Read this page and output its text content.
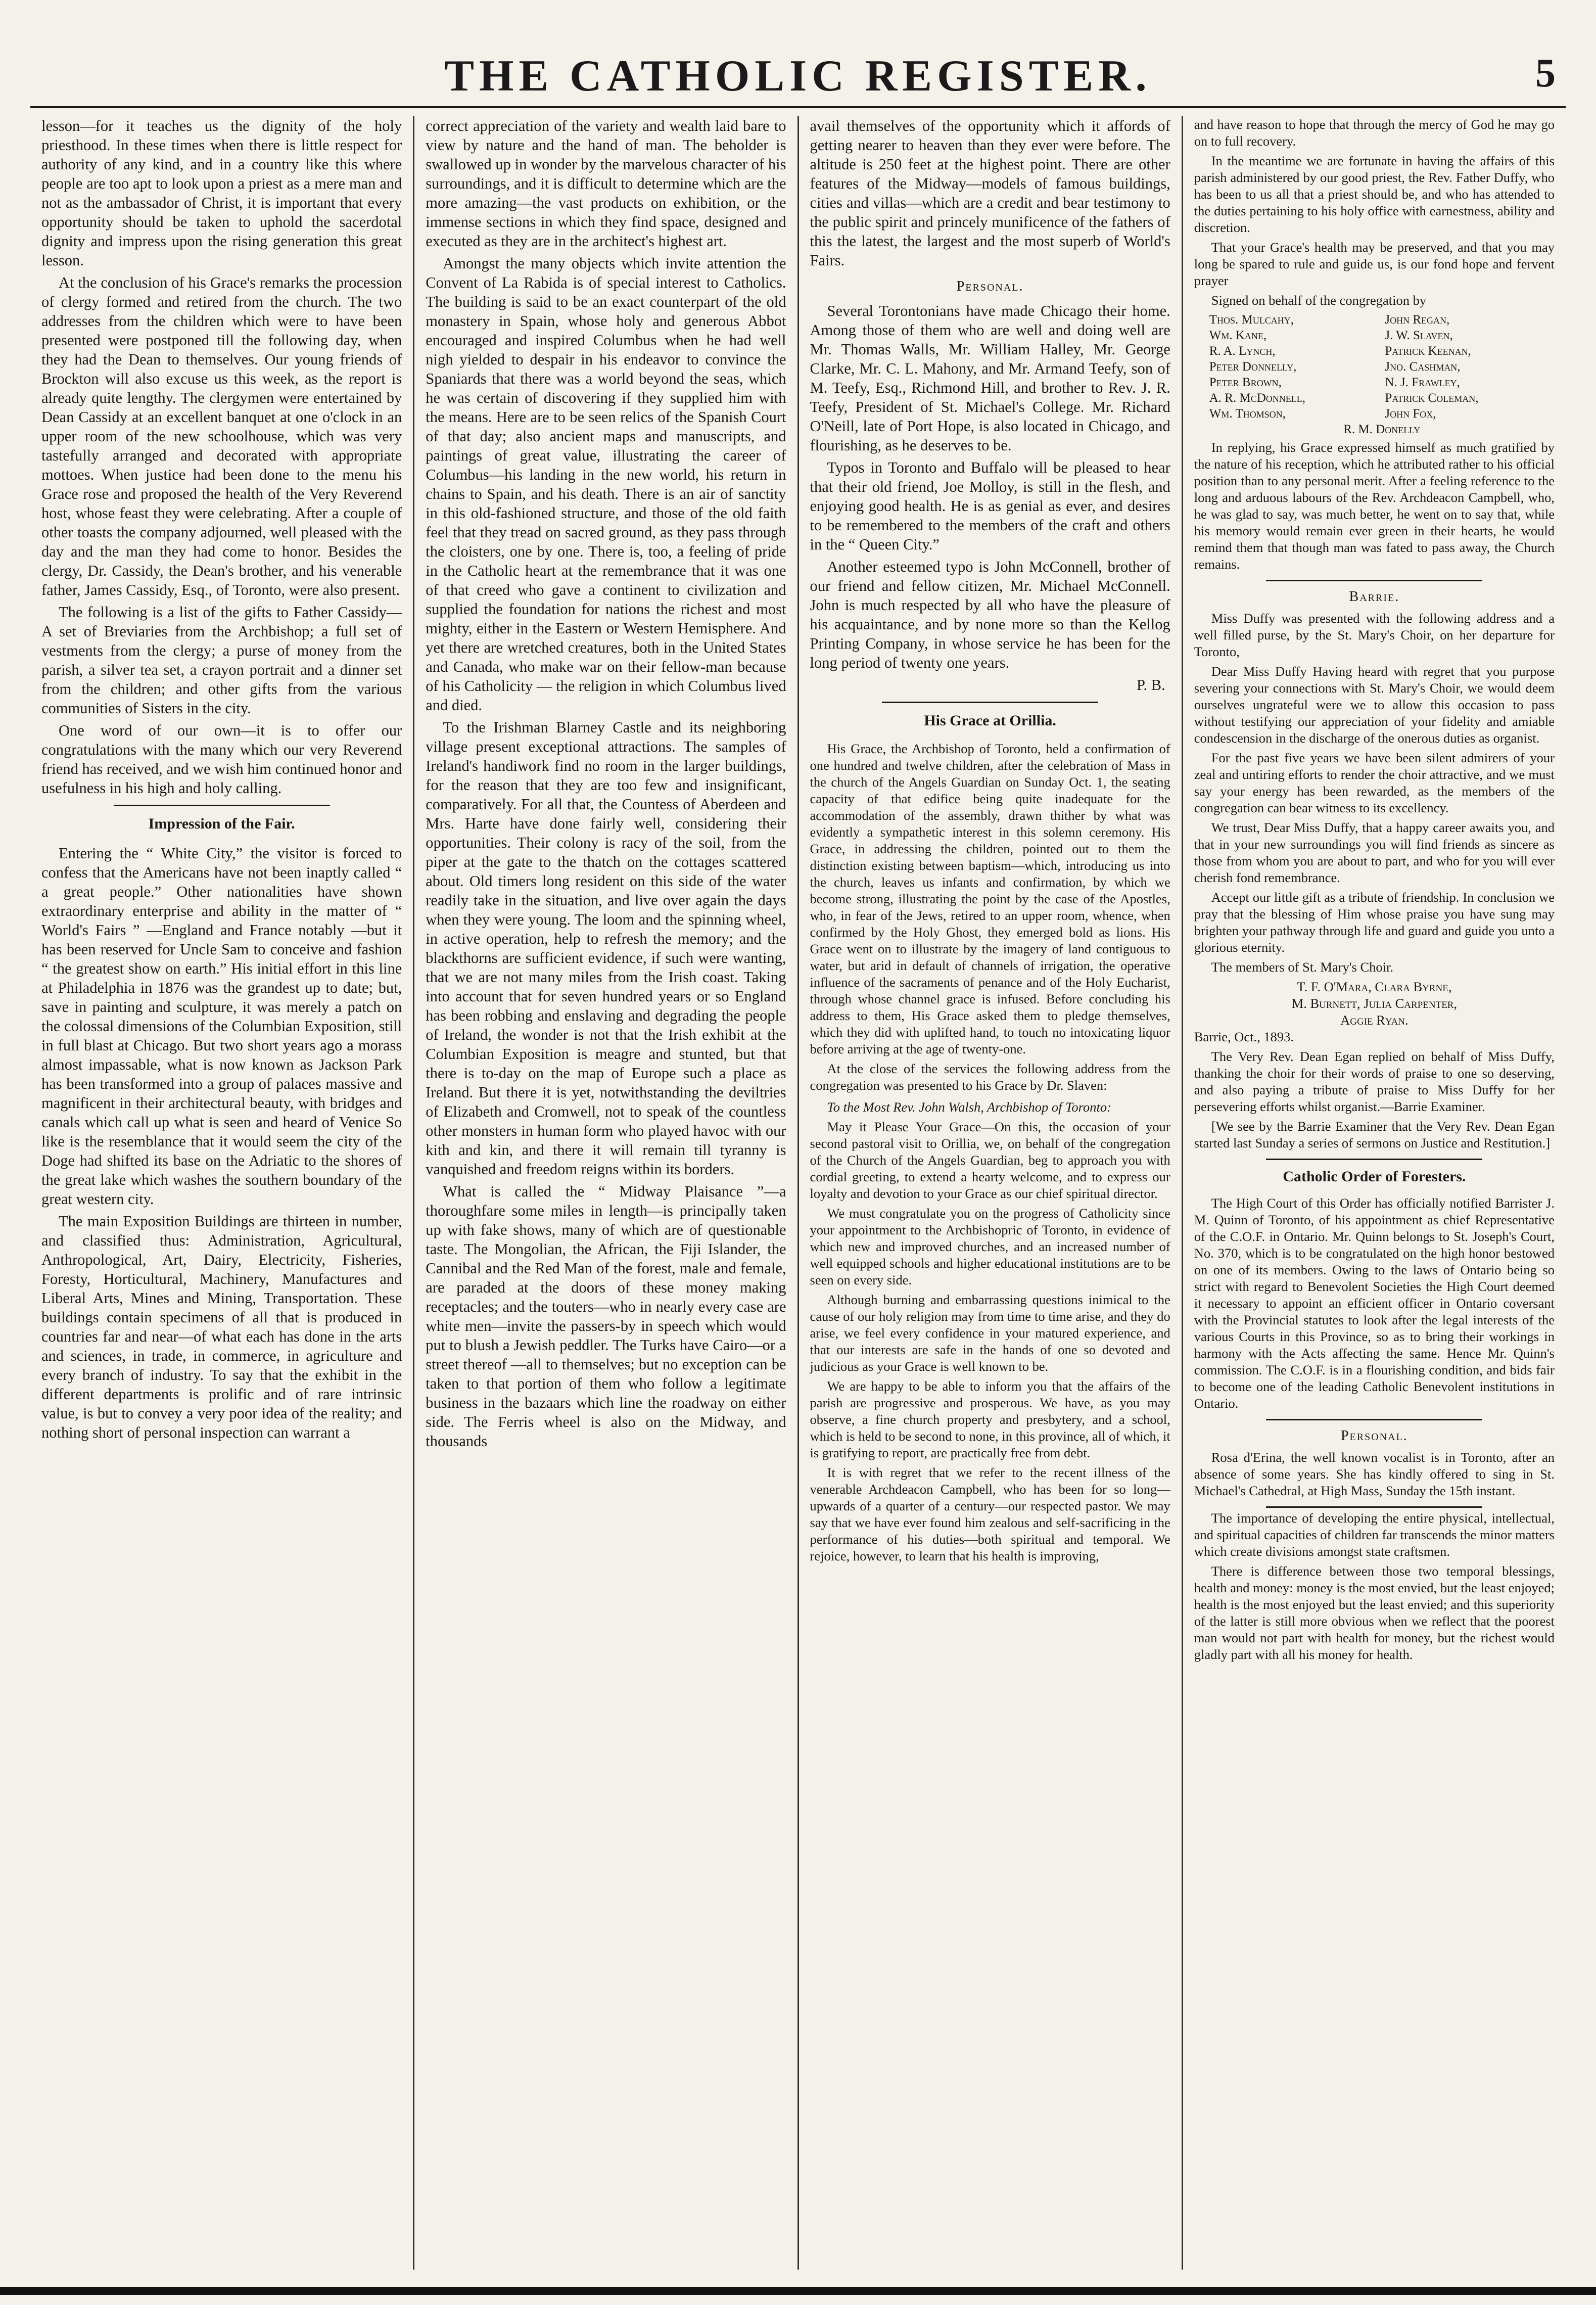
THE CATHOLIC REGISTER.	5

lesson—for it teaches us the dignity of the holy priesthood. In these times when there is little respect for authority of any kind, and in a country like this where people are too apt to look upon a priest as a mere man and not as the ambassador of Christ, it is important that every opportunity should be taken to uphold the sacerdotal dignity and impress upon the rising generation this great lesson.

At the conclusion of his Grace's remarks the procession of clergy formed and retired from the church. The two addresses from the children which were to have been presented were postponed till the following day, when they had the Dean to themselves. Our young friends of Brockton will also excuse us this week, as the report is already quite lengthy. The clergymen were entertained by Dean Cassidy at an excellent banquet at one o'clock in an upper room of the new schoolhouse, which was very tastefully arranged and decorated with appropriate mottoes. When justice had been done to the menu his Grace rose and proposed the health of the Very Reverend host, whose feast they were celebrating. After a couple of other toasts the company adjourned, well pleased with the day and the man they had come to honor. Besides the clergy, Dr. Cassidy, the Dean's brother, and his venerable father, James Cassidy, Esq., of Toronto, were also present.

The following is a list of the gifts to Father Cassidy—A set of Breviaries from the Archbishop; a full set of vestments from the clergy; a purse of money from the parish, a silver tea set, a crayon portrait and a dinner set from the children; and other gifts from the various communities of Sisters in the city.

One word of our own—it is to offer our congratulations with the many which our very Reverend friend has received, and we wish him continued honor and usefulness in his high and holy calling.

Impression of the Fair.

Entering the “ White City,” the visitor is forced to confess that the Americans have not been inaptly called “ a great people.” Other nationalities have shown extraordinary enterprise and ability in the matter of “ World's Fairs ” —England and France notably —but it has been reserved for Uncle Sam to conceive and fashion “ the greatest show on earth.” His initial effort in this line at Philadelphia in 1876 was the grandest up to date; but, save in painting and sculpture, it was merely a patch on the colossal dimensions of the Columbian Exposition, still in full blast at Chicago. But two short years ago a morass almost impassable, what is now known as Jackson Park has been transformed into a group of palaces massive and magnificent in their architectural beauty, with bridges and canals which call up what is seen and heard of Venice So like is the resemblance that it would seem the city of the Doge had shifted its base on the Adriatic to the shores of the great lake which washes the southern boundary of the great western city.

The main Exposition Buildings are thirteen in number, and classified thus: Administration, Agricultural, Anthropological, Art, Dairy, Electricity, Fisheries, Foresty, Horticultural, Machinery, Manufactures and Liberal Arts, Mines and Mining, Transportation. These buildings contain specimens of all that is produced in countries far and near—of what each has done in the arts and sciences, in trade, in commerce, in agriculture and every branch of industry. To say that the exhibit in the different departments is prolific and of rare intrinsic value, is but to convey a very poor idea of the reality; and nothing short of personal inspection can warrant a

correct appreciation of the variety and wealth laid bare to view by nature and the hand of man. The beholder is swallowed up in wonder by the marvelous character of his surroundings, and it is difficult to determine which are the more amazing—the vast products on exhibition, or the immense sections in which they find space, designed and executed as they are in the architect's highest art.

Amongst the many objects which invite attention the Convent of La Rabida is of special interest to Catholics. The building is said to be an exact counterpart of the old monastery in Spain, whose holy and generous Abbot encouraged and inspired Columbus when he had well nigh yielded to despair in his endeavor to convince the Spaniards that there was a world beyond the seas, which he was certain of discovering if they supplied him with the means. Here are to be seen relics of the Spanish Court of that day; also ancient maps and manuscripts, and paintings of great value, illustrating the career of Columbus—his landing in the new world, his return in chains to Spain, and his death. There is an air of sanctity in this old-fashioned structure, and those of the old faith feel that they tread on sacred ground, as they pass through the cloisters, one by one. There is, too, a feeling of pride in the Catholic heart at the remembrance that it was one of that creed who gave a continent to civilization and supplied the foundation for nations the richest and most mighty, either in the Eastern or Western Hemisphere. And yet there are wretched creatures, both in the United States and Canada, who make war on their fellow-man because of his Catholicity — the religion in which Columbus lived and died.

To the Irishman Blarney Castle and its neighboring village present exceptional attractions. The samples of Ireland's handiwork find no room in the larger buildings, for the reason that they are too few and insignificant, comparatively. For all that, the Countess of Aberdeen and Mrs. Harte have done fairly well, considering their opportunities. Their colony is racy of the soil, from the piper at the gate to the thatch on the cottages scattered about. Old timers long resident on this side of the water readily take in the situation, and live over again the days when they were young. The loom and the spinning wheel, in active operation, help to refresh the memory; and the blackthorns are sufficient evidence, if such were wanting, that we are not many miles from the Irish coast. Taking into account that for seven hundred years or so England has been robbing and enslaving and degrading the people of Ireland, the wonder is not that the Irish exhibit at the Columbian Exposition is meagre and stunted, but that there is to-day on the map of Europe such a place as Ireland. But there it is yet, notwithstanding the deviltries of Elizabeth and Cromwell, not to speak of the countless other monsters in human form who played havoc with our kith and kin, and there it will remain till tyranny is vanquished and freedom reigns within its borders.

What is called the “ Midway Plaisance ”—a thoroughfare some miles in length—is principally taken up with fake shows, many of which are of questionable taste. The Mongolian, the African, the Fiji Islander, the Cannibal and the Red Man of the forest, male and female, are paraded at the doors of these money making receptacles; and the touters—who in nearly every case are white men—invite the passers-by in speech which would put to blush a Jewish peddler. The Turks have Cairo—or a street thereof —all to themselves; but no exception can be taken to that portion of them who follow a legitimate business in the bazaars which line the roadway on either side. The Ferris wheel is also on the Midway, and thousands

avail themselves of the opportunity which it affords of getting nearer to heaven than they ever were before. The altitude is 250 feet at the highest point. There are other features of the Midway—models of famous buildings, cities and villas—which are a credit and bear testimony to the public spirit and princely munificence of the fathers of this the latest, the largest and the most superb of World's Fairs.

Personal.

Several Torontonians have made Chicago their home. Among those of them who are well and doing well are Mr. Thomas Walls, Mr. William Halley, Mr. George Clarke, Mr. C. L. Mahony, and Mr. Armand Teefy, son of M. Teefy, Esq., Richmond Hill, and brother to Rev. J. R. Teefy, President of St. Michael's College. Mr. Richard O'Neill, late of Port Hope, is also located in Chicago, and flourishing, as he deserves to be.

Typos in Toronto and Buffalo will be pleased to hear that their old friend, Joe Molloy, is still in the flesh, and enjoying good health. He is as genial as ever, and desires to be remembered to the members of the craft and others in the “ Queen City.”

Another esteemed typo is John McConnell, brother of our friend and fellow citizen, Mr. Michael McConnell. John is much respected by all who have the pleasure of his acquaintance, and by none more so than the Kellog Printing Company, in whose service he has been for the long period of twenty one years.

P. B.
His Grace at Orillia.

His Grace, the Archbishop of Toronto, held a confirmation of one hundred and twelve children, after the celebration of Mass in the church of the Angels Guardian on Sunday Oct. 1, the seating capacity of that edifice being quite inadequate for the accommodation of the assembly, drawn thither by what was evidently a sympathetic interest in this solemn ceremony. His Grace, in addressing the children, pointed out to them the distinction existing between baptism—which, introducing us into the church, leaves us infants and confirmation, by which we become strong, illustrating the point by the case of the Apostles, who, in fear of the Jews, retired to an upper room, whence, when confirmed by the Holy Ghost, they emerged bold as lions. His Grace went on to illustrate by the imagery of land contiguous to water, but arid in default of channels of irrigation, the operative influence of the sacraments of penance and of the Holy Eucharist, through whose channel grace is infused. Before concluding his address to them, His Grace asked them to pledge themselves, which they did with uplifted hand, to touch no intoxicating liquor before arriving at the age of twenty-one.

At the close of the services the following address from the congregation was presented to his Grace by Dr. Slaven:

To the Most Rev. John Walsh, Archbishop of Toronto:

May it Please Your Grace—On this, the occasion of your second pastoral visit to Orillia, we, on behalf of the congregation of the Church of the Angels Guardian, beg to approach you with cordial greeting, to extend a hearty welcome, and to express our loyalty and devotion to your Grace as our chief spiritual director.

We must congratulate you on the progress of Catholicity since your appointment to the Archbishopric of Toronto, in evidence of which new and improved churches, and an increased number of well equipped schools and higher educational institutions are to be seen on every side.

Although burning and embarrassing questions inimical to the cause of our holy religion may from time to time arise, and they do arise, we feel every confidence in your matured experience, and that our interests are safe in the hands of one so devoted and judicious as your Grace is well known to be.

We are happy to be able to inform you that the affairs of the parish are progressive and prosperous. We have, as you may observe, a fine church property and presbytery, and a school, which is held to be second to none, in this province, all of which, it is gratifying to report, are practically free from debt.

It is with regret that we refer to the recent illness of the venerable Archdeacon Campbell, who has been for so long—upwards of a quarter of a century—our respected pastor. We may say that we have ever found him zealous and self-sacrificing in the performance of his duties—both spiritual and temporal. We rejoice, however, to learn that his health is improving,

and have reason to hope that through the mercy of God he may go on to full recovery.

In the meantime we are fortunate in having the affairs of this parish administered by our good priest, the Rev. Father Duffy, who has been to us all that a priest should be, and who has attended to the duties pertaining to his holy office with earnestness, ability and discretion.

That your Grace's health may be preserved, and that you may long be spared to rule and guide us, is our fond hope and fervent prayer

Signed on behalf of the congregation by

Thos. Mulcahy,	John Regan,
Wm. Kane,	J. W. Slaven,
R. A. Lynch,	Patrick Keenan,
Peter Donnelly,	Jno. Cashman,
Peter Brown,	N. J. Frawley,
A. R. McDonnell,	Patrick Coleman,
Wm. Thomson,	John Fox,
R. M. Donelly

In replying, his Grace expressed himself as much gratified by the nature of his reception, which he attributed rather to his official position than to any personal merit. After a feeling reference to the long and arduous labours of the Rev. Archdeacon Campbell, who, he was glad to say, was much better, he went on to say that, while his memory would remain ever green in their hearts, he would remind them that though man was fated to pass away, the Church remains.

Barrie.

Miss Duffy was presented with the following address and a well filled purse, by the St. Mary's Choir, on her departure for Toronto,

Dear Miss Duffy Having heard with regret that you purpose severing your connections with St. Mary's Choir, we would deem ourselves ungrateful were we to allow this occasion to pass without testifying our appreciation of your fidelity and amiable condescension in the discharge of the onerous duties as organist.

For the past five years we have been silent admirers of your zeal and untiring efforts to render the choir attractive, and we must say your energy has been rewarded, as the members of the congregation can bear witness to its excellency.

We trust, Dear Miss Duffy, that a happy career awaits you, and that in your new surroundings you will find friends as sincere as those from whom you are about to part, and who for you will ever cherish fond remembrance.

Accept our little gift as a tribute of friendship. In conclusion we pray that the blessing of Him whose praise you have sung may brighten your pathway through life and guard and guide you unto a glorious eternity.

The members of St. Mary's Choir.

T. F. O'Mara, Clara Byrne,
M. Burnett, Julia Carpenter,
Aggie Ryan.

Barrie, Oct., 1893.

The Very Rev. Dean Egan replied on behalf of Miss Duffy, thanking the choir for their words of praise to one so deserving, and also paying a tribute of praise to Miss Duffy for her persevering efforts whilst organist.—Barrie Examiner.

[We see by the Barrie Examiner that the Very Rev. Dean Egan started last Sunday a series of sermons on Justice and Restitution.]

Catholic Order of Foresters.

The High Court of this Order has officially notified Barrister J. M. Quinn of Toronto, of his appointment as chief Representative of the C.O.F. in Ontario. Mr. Quinn belongs to St. Joseph's Court, No. 370, which is to be congratulated on the high honor bestowed on one of its members. Owing to the laws of Ontario being so strict with regard to Benevolent Societies the High Court deemed it necessary to appoint an efficient officer in Ontario coversant with the Provincial statutes to look after the legal interests of the various Courts in this Province, so as to bring their workings in harmony with the Acts affecting the same. Hence Mr. Quinn's commission. The C.O.F. is in a flourishing condition, and bids fair to become one of the leading Catholic Benevolent institutions in Ontario.

Personal.

Rosa d'Erina, the well known vocalist is in Toronto, after an absence of some years. She has kindly offered to sing in St. Michael's Cathedral, at High Mass, Sunday the 15th instant.

The importance of developing the entire physical, intellectual, and spiritual capacities of children far transcends the minor matters which create divisions amongst state craftsmen.

There is difference between those two temporal blessings, health and money: money is the most envied, but the least enjoyed; health is the most enjoyed but the least envied; and this superiority of the latter is still more obvious when we reflect that the poorest man would not part with health for money, but the richest would gladly part with all his money for health.
